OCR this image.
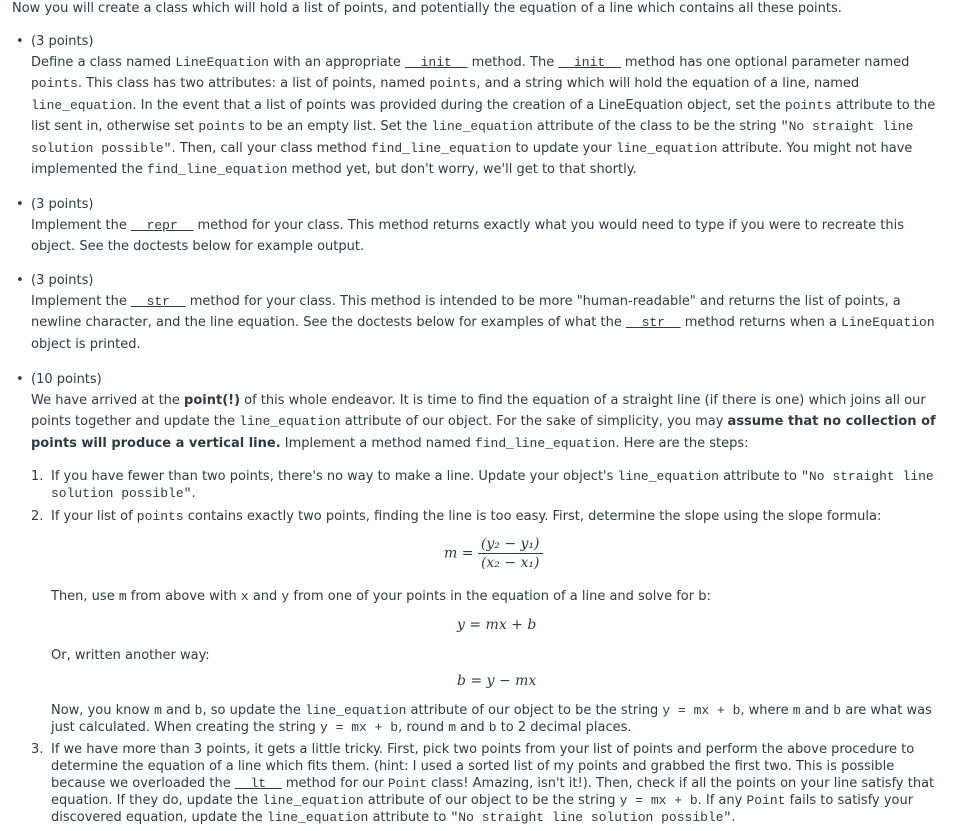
Now you will create a class which will hold a list of points, and potentially the equation of a line which contains all these points.

• (3 points)

Define a class named LineEquation with an appropriate __init__ method. The __init__ method has one optional parameter named points. This class has two attributes: a list of points, named points, and a string which will hold the equation of a line, named line_equation. In the event that a list of points was provided during the creation of a LineEquation object, set the points attribute to the list sent in, otherwise set points to be an empty list. Set the line_equation attribute of the class to be the string "No straight line solution possible". Then, call your class method find_line_equation to update your line_equation attribute. You might not have implemented the find_line_equation method yet, but don't worry, we'll get to that shortly.

• (3 points)

Implement the __repr__ method for your class. This method returns exactly what you would need to type if you were to recreate this object. See the doctests below for example output.

• (3 points)

Implement the __str__ method for your class. This method is intended to be more "human-readable" and returns the list of points, a newline character, and the line equation. See the doctests below for examples of what the __str__ method returns when a LineEquation object is printed.

• (10 points)

We have arrived at the point(!) of this whole endeavor. It is time to find the equation of a straight line (if there is one) which joins all our points together and update the line_equation attribute of our object. For the sake of simplicity, you may assume that no collection of points will produce a vertical line. Implement a method named find_line_equation. Here are the steps:

1. If you have fewer than two points, there's no way to make a line. Update your object's line_equation attribute to "No straight line solution possible".

2. If your list of points contains exactly two points, finding the line is too easy. First, determine the slope using the slope formula:

$m = \frac{\text{(y₂ − y₁)}}{\text{(x₂ − x₁)}}$

Then, use m from above with x and y from one of your points in the equation of a line and solve for b:

y = mx + b

Or, written another way:

b = y − mx

Now, you know m and b, so update the line_equation attribute of our object to be the string y = mx + b, where m and b are what was just calculated. When creating the string y = mx + b, round m and b to 2 decimal places.

3. If we have more than 3 points, it gets a little tricky. First, pick two points from your list of points and perform the above procedure to determine the equation of a line which fits them. (hint: I used a sorted list of my points and grabbed the first two. This is possible because we overloaded the __lt__ method for our Point class! Amazing, isn't it!). Then, check if all the points on your line satisfy that equation. If they do, update the line_equation attribute of our object to be the string y = mx + b. If any Point fails to satisfy your discovered equation, update the line_equation attribute to "No straight line solution possible".
